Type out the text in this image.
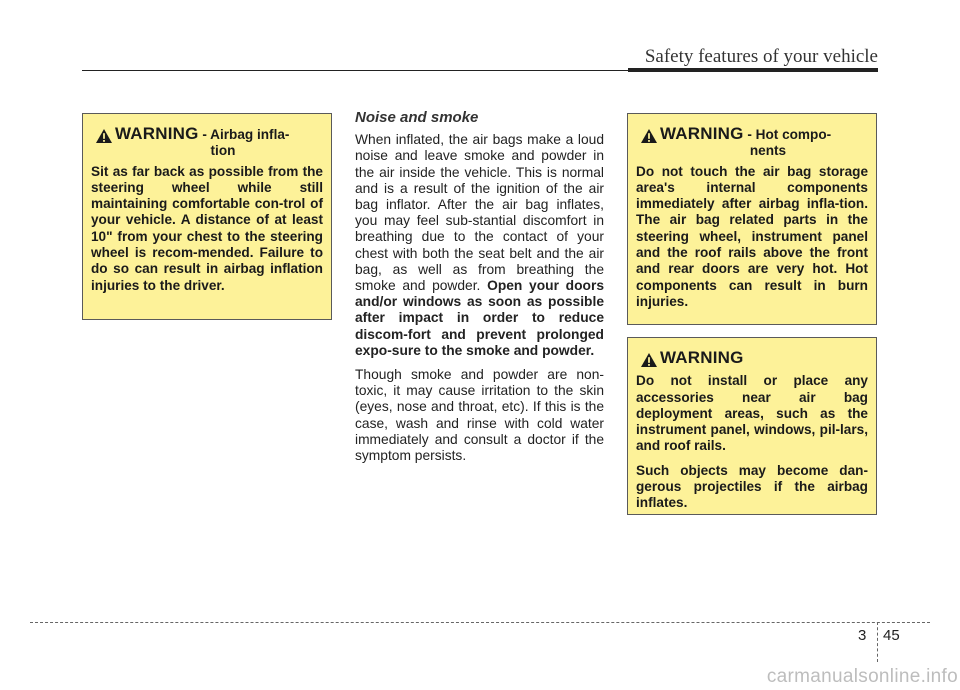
Safety features of your vehicle
WARNING - Airbag infla-
tion

Sit as far back as possible from the steering wheel while still maintaining comfortable con-trol of your vehicle. A distance of at least 10" from your chest to the steering wheel is recom-mended. Failure to do so can result in airbag inflation injuries to the driver.

Noise and smoke

When inflated, the air bags make a loud noise and leave smoke and powder in the air inside the vehicle. This is normal and is a result of the ignition of the air bag inflator. After the air bag inflates, you may feel sub-stantial discomfort in breathing due to the contact of your chest with both the seat belt and the air bag, as well as from breathing the smoke and powder. Open your doors and/or windows as soon as possible after impact in order to reduce discom-fort and prevent prolonged expo-sure to the smoke and powder.

Though smoke and powder are non-toxic, it may cause irritation to the skin (eyes, nose and throat, etc). If this is the case, wash and rinse with cold water immediately and consult a doctor if the symptom persists.

WARNING - Hot compo-
nents

Do not touch the air bag storage area's internal components immediately after airbag infla-tion. The air bag related parts in the steering wheel, instrument panel and the roof rails above the front and rear doors are very hot. Hot components can result in burn injuries.

WARNING

Do not install or place any accessories near air bag deployment areas, such as the instrument panel, windows, pil-lars, and roof rails.

Such objects may become dan-gerous projectiles if the airbag inflates.

3 45
carmanualsonline.info
